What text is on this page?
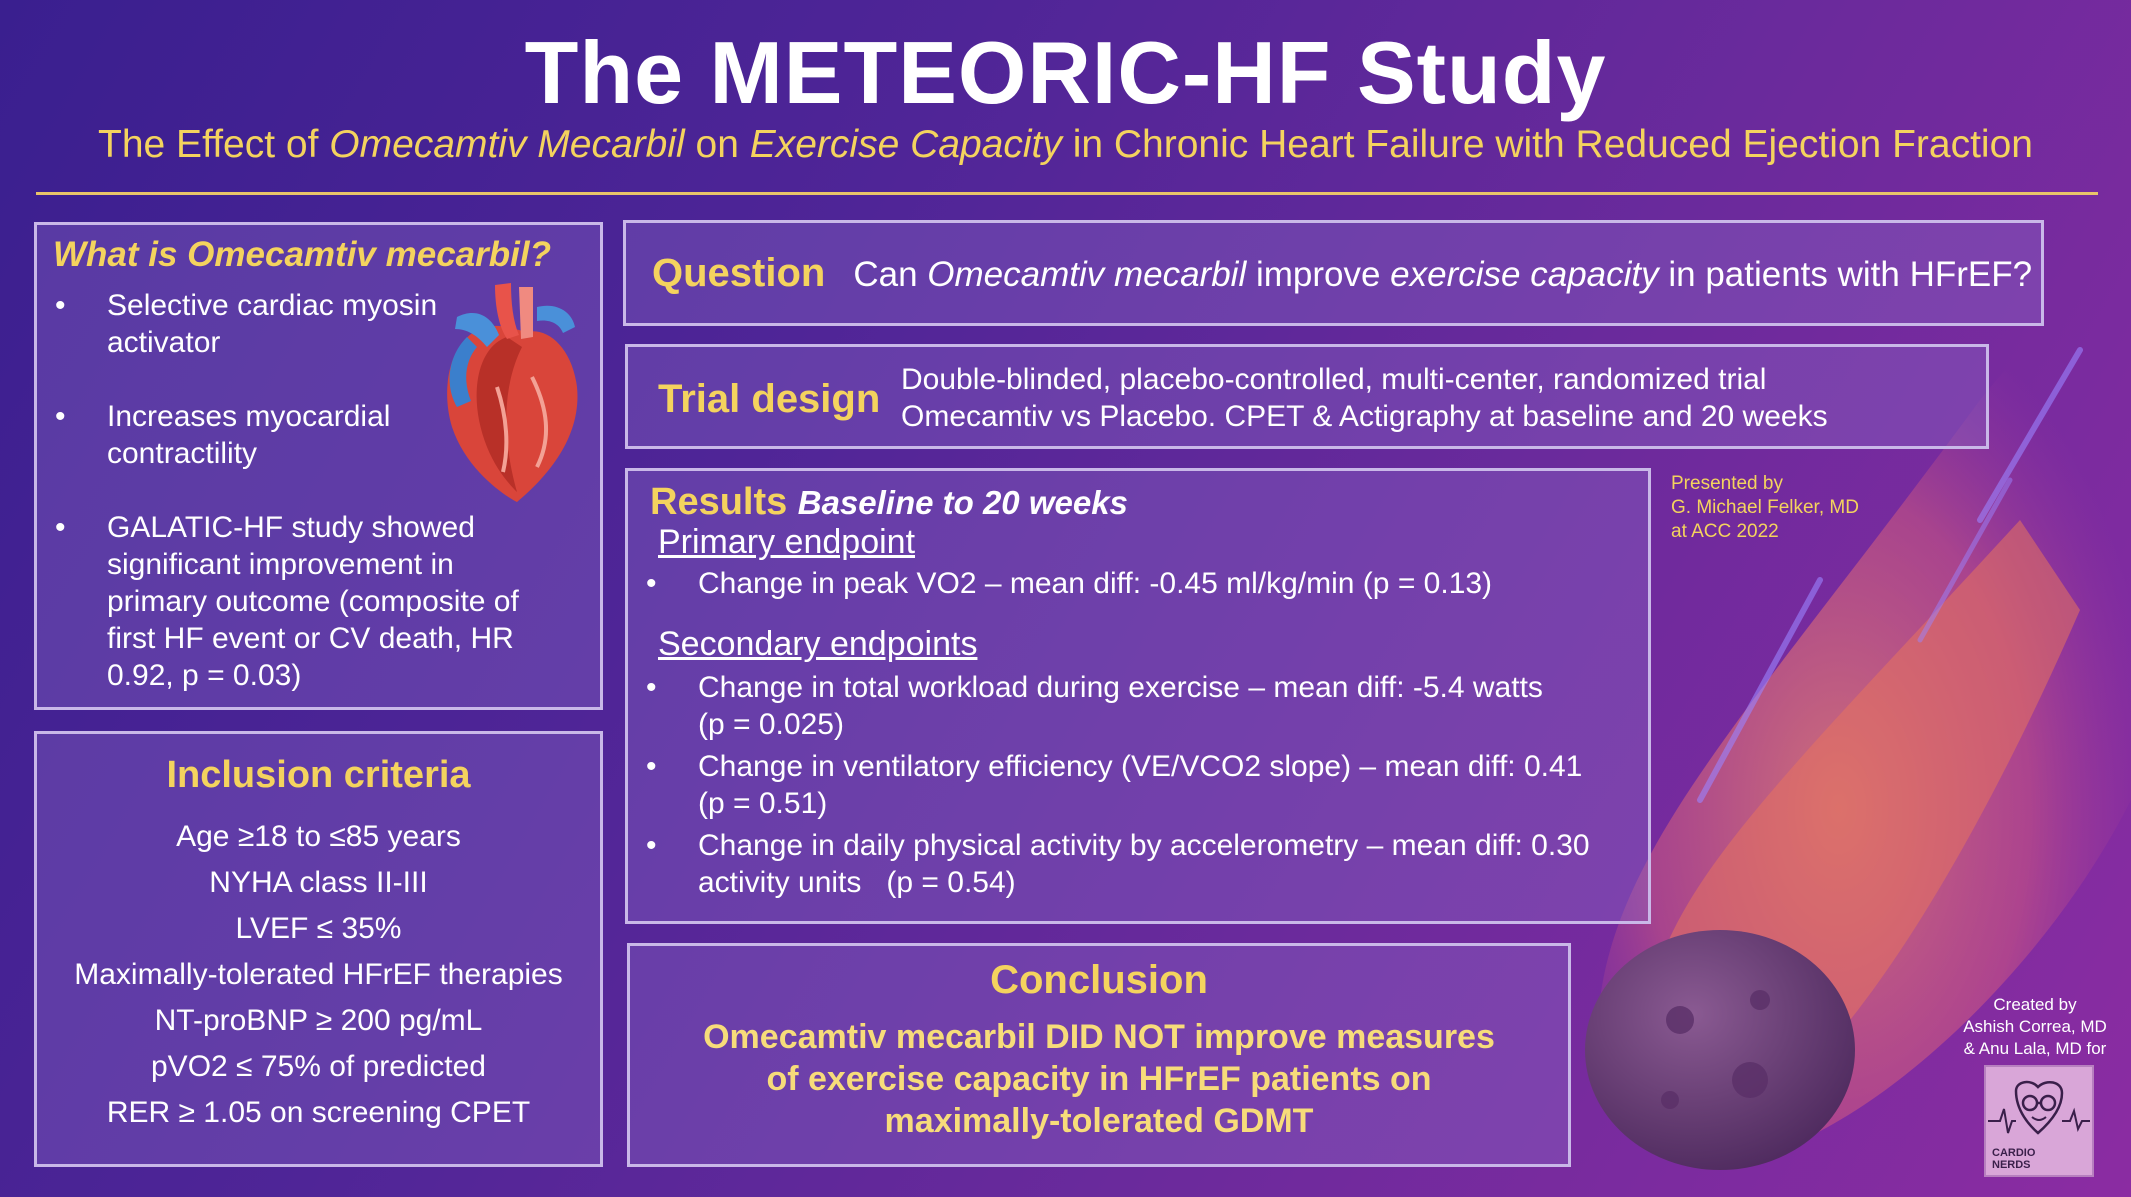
The METEORIC-HF Study
The Effect of Omecamtiv Mecarbil on Exercise Capacity in Chronic Heart Failure with Reduced Ejection Fraction
What is Omecamtiv mecarbil?
• Selective cardiac myosin activator
• Increases myocardial contractility
• GALATIC-HF study showed significant improvement in primary outcome (composite of first HF event or CV death, HR 0.92, p = 0.03)
Inclusion criteria
Age ≥18 to ≤85 years
NYHA class II-III
LVEF ≤ 35%
Maximally-tolerated HFrEF therapies
NT-proBNP ≥ 200 pg/mL
pVO2 ≤ 75% of predicted
RER ≥ 1.05 on screening CPET
Question Can Omecamtiv mecarbil improve exercise capacity in patients with HFrEF?
Trial design Double-blinded, placebo-controlled, multi-center, randomized trial
Omecamtiv vs Placebo. CPET & Actigraphy at baseline and 20 weeks
Results Baseline to 20 weeks
Primary endpoint
• Change in peak VO2 – mean diff: -0.45 ml/kg/min (p = 0.13)
Secondary endpoints
• Change in total workload during exercise – mean diff: -5.4 watts
(p = 0.025)
• Change in ventilatory efficiency (VE/VCO2 slope) – mean diff: 0.41
(p = 0.51)
• Change in daily physical activity by accelerometry – mean diff: 0.30
activity units   (p = 0.54)
Presented by
G. Michael Felker, MD
at ACC 2022
Conclusion
Omecamtiv mecarbil DID NOT improve measures
of exercise capacity in HFrEF patients on
maximally-tolerated GDMT
Created by
Ashish Correa, MD
& Anu Lala, MD for
CARDIO NERDS
